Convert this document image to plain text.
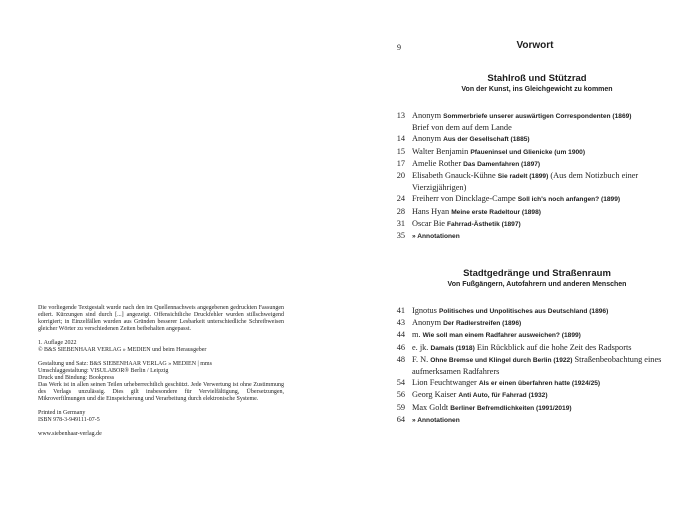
Die vorliegende Textgestalt wurde nach den im Quellennachweis angegebenen gedruckten Fassungen ediert. Kürzungen sind durch [...] angezeigt. Offensichtliche Druckfehler wurden stillschweigend korrigiert; in Einzelfällen wurden aus Gründen besserer Lesbarkeit unterschiedliche Schreibweisen gleicher Wörter zu verschiedenen Zeiten beibehalten angepasst.

1. Auflage 2022

© B&S SIEBENHAAR VERLAG » MEDIEN und beim Herausgeber

Gestaltung und Satz: B&S SIEBENHAAR VERLAG » MEDIEN | mms

Umschlaggestaltung: VISULABOR® Berlin / Leipzig

Druck und Bindung: Bookpress

Das Werk ist in allen seinen Teilen urheberrechtlich geschützt. Jede Verwertung ist ohne Zustimmung des Verlags unzulässig. Dies gilt insbesondere für Vervielfältigung, Übersetzungen, Mikroverfilmungen und die Einspeicherung und Verarbeitung durch elektronische Systeme.

Printed in Germany

ISBN 978-3-949111-07-5

www.siebenhaar-verlag.de

9	Vorwort
Stahlroß und Stützrad
Von der Kunst, ins Gleichgewicht zu kommen
13 Anonym Sommerbriefe unserer auswärtigen Correspondenten (1869)
Brief von dem auf dem Lande
14 Anonym Aus der Gesellschaft (1885)
15 Walter Benjamin Pfaueninsel und Glienicke (um 1900)
17 Amelie Rother Das Damenfahren (1897)
20 Elisabeth Gnauck-Kühne Sie radelt (1899) (Aus dem Notizbuch einer Vierzigjährigen)
24 Freiherr von Dincklage-Campe Soll ich's noch anfangen? (1899)
28 Hans Hyan Meine erste Radeltour (1898)
31 Oscar Bie Fahrrad-Ästhetik (1897)
35 » Annotationen
Stadtgedränge und Straßenraum
Von Fußgängern, Autofahrern und anderen Menschen
41 Ignotus Politisches und Unpolitisches aus Deutschland (1896)
43 Anonym Der Radlerstreifen (1896)
44 m. Wie soll man einem Radfahrer ausweichen? (1899)
46 e. jk. Damals (1918) Ein Rückblick auf die hohe Zeit des Radsports
48 F. N. Ohne Bremse und Klingel durch Berlin (1922) Straßenbeobachtung eines aufmerksamen Radfahrers
54 Lion Feuchtwanger Als er einen überfahren hatte (1924/25)
56 Georg Kaiser Anti Auto, für Fahrrad (1932)
59 Max Goldt Berliner Befremdlichkeiten (1991/2019)
64 » Annotationen
